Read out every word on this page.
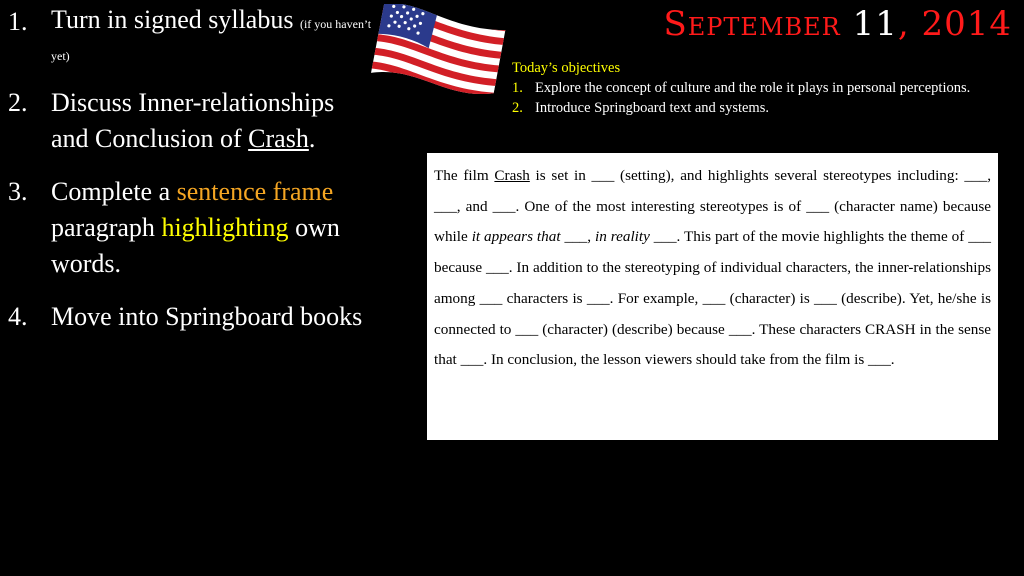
1. Turn in signed syllabus (if you haven’t yet)
2. Discuss Inner-relationships and Conclusion of Crash.
3. Complete a sentence frame paragraph highlighting own words.
4. Move into Springboard books
September 11, 2014
Today’s objectives
1. Explore the concept of culture and the role it plays in personal perceptions.
2. Introduce Springboard text and systems.
The film Crash is set in ___ (setting), and highlights several stereotypes including: ___, ___, and ___. One of the most interesting stereotypes is of ___ (character name) because while it appears that ___, in reality ___. This part of the movie highlights the theme of ___ because ___. In addition to the stereotyping of individual characters, the inner-relationships among ___ characters is ___. For example, ___ (character) is ___ (describe). Yet, he/she is connected to ___ (character) (describe) because ___. These characters CRASH in the sense that ___. In conclusion, the lesson viewers should take from the film is ___.
